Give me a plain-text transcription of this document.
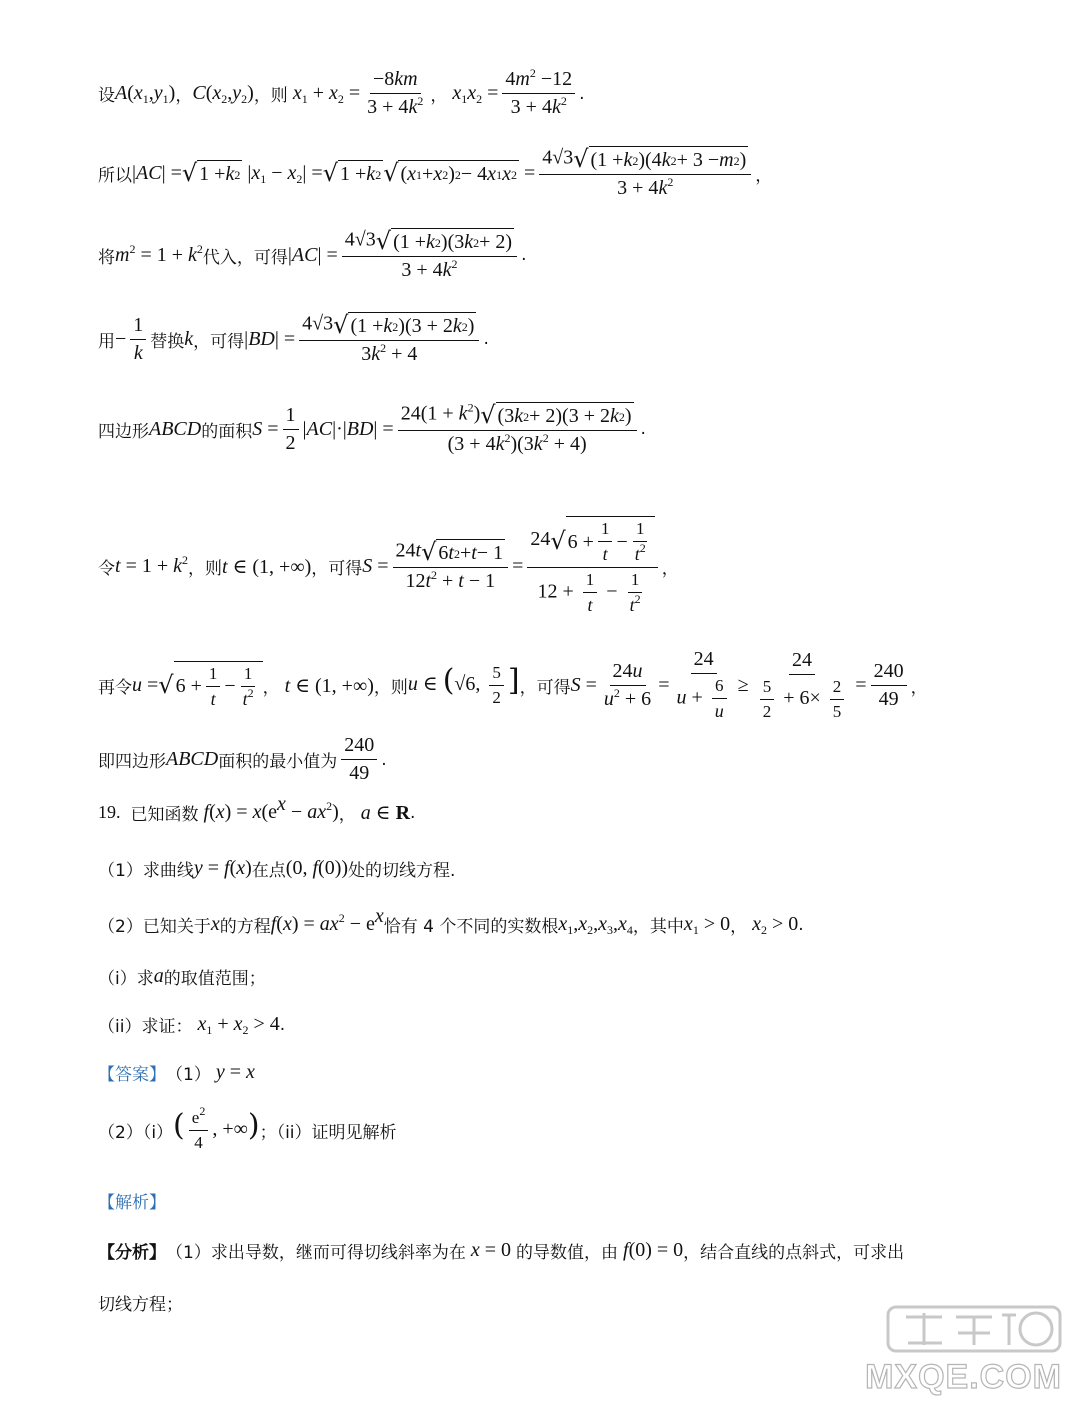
设 $A(x_1,y_1)$ ， $C(x_2,y_2)$ ，则 $x_1 + x_2 = \frac{-8km}{3 + 4k^2}$ ， $x_1x_2 = \frac{4m^2 -12}{3 + 4k^2}$ .
所以 |AC| = √ 1 + k 2 $|x_1 - x_2|$ = √ 1 + k 2 √ ( x 1 + x 2 ) 2 − 4 x 1 x $2 = \frac{4√3 √ (1 + k 2 )(4 k 2 + 3 - m 2 )}{3 + 4k^2}$ ，
将 $m^2 = 1 + k^2$ 代入，可得 $|AC| = \frac{4√3 √ (1 + k 2 )(3 k 2 + 2)}{3 + 4k^2}$ .
用 − $\frac{1}{k}$ 替换 k ，可得 $|BD| = \frac{4√3 √ (1 + k 2 )(3 + 2 k 2 )}{3k^2 + 4}$ .
四边形 ABCD 的面积 $S = \frac{1}{2} |AC|\cdot|BD| = \frac{24(1 + k^2) √ (3 k 2 + 2)(3 + 2 k 2 )}{(3 + 4k^2)(3k^2 + 4)}$ .
令 $t = 1 + k^2$ ，则 t ∈ (1, +∞) ，可得 $S = \frac{24t √ 6 t 2 + t - 1}{12t^2 + t - 1} = \frac{24 √ 6 + \frac{1}{t} - \frac{1}{t^2}}{12 + \frac{1}{t} - \frac{1}{t^2}}$ ，
再令 u = √ $6 + \frac{1}{t} - \frac{1}{t^2}$ ， t ∈ (1, +∞) ，则 u ∈ (√6, $\frac{5}{2}$ ] ，可得 $S = \frac{24u}{u^2 + 6} = \frac{24}{u + \frac{6}{u}} \ge \frac{24}{\frac{5}{2} + 6\times \frac{2}{5}} = \frac{240}{49}$ ，
即四边形 ABCD 面积的最小值为 $\frac{240}{49}$ .
19. 已知函数 $f(x) = x(e^x - ax^2)$ ， a ∈ R .
（1）求曲线 y = f(x) 在点 (0, f(0)) 处的切线方程.
（2）已知关于 x 的方程 $f(x) = ax^2 - e^x$ 恰有 4 个不同的实数根 $x_1,x_2,x_3,x_4$ ，其中 $x_1 > 0$ ， $x_2 > 0$ .
（i）求 a 的取值范围；
（ii）求证： $x_1 + x_2 > 4$ .
【答案】 （1） y = x
（2）（i） ( $\frac{e^2}{4}$ , +∞) ；（ii）证明见解析
【解析】
【分析】 （1）求出导数，继而可得切线斜率为在 x = 0 的导数值，由 f(0) = 0 ，结合直线的点斜式，可求出
切线方程；
MXQE.COM
